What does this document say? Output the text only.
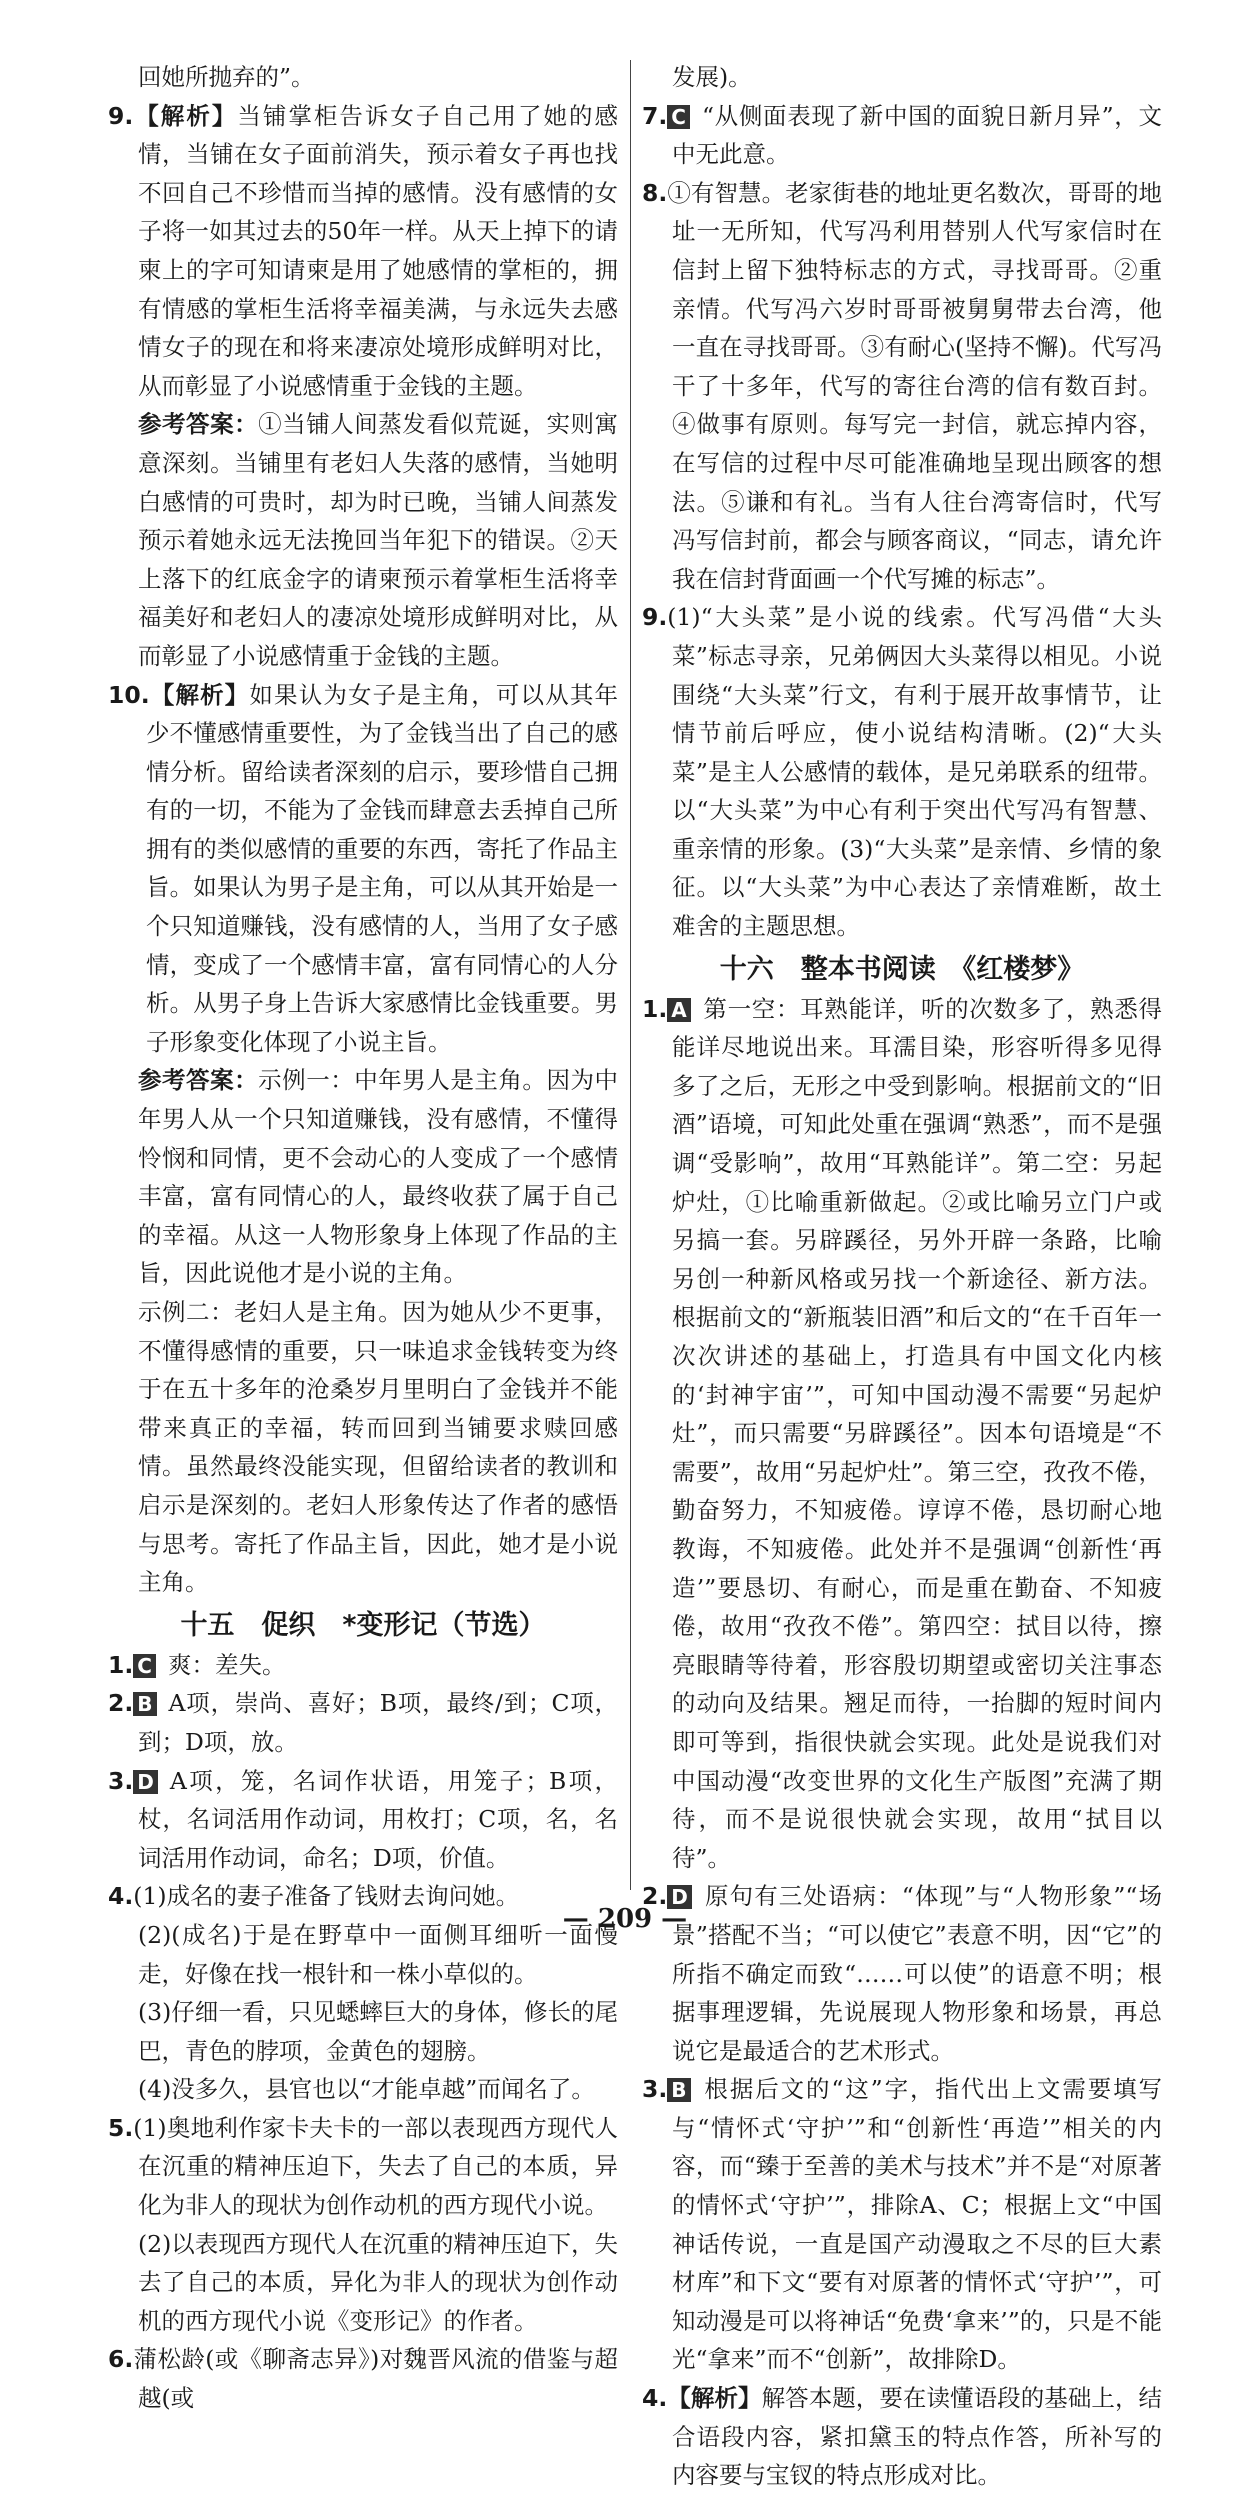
回她所抛弃的”。

9.【解析】当铺掌柜告诉女子自己用了她的感情，当铺在女子面前消失，预示着女子再也找不回自己不珍惜而当掉的感情。没有感情的女子将一如其过去的50年一样。从天上掉下的请柬上的字可知请柬是用了她感情的掌柜的，拥有情感的掌柜生活将幸福美满，与永远失去感情女子的现在和将来凄凉处境形成鲜明对比，从而彰显了小说感情重于金钱的主题。

参考答案：①当铺人间蒸发看似荒诞，实则寓意深刻。当铺里有老妇人失落的感情，当她明白感情的可贵时，却为时已晚，当铺人间蒸发预示着她永远无法挽回当年犯下的错误。②天上落下的红底金字的请柬预示着掌柜生活将幸福美好和老妇人的凄凉处境形成鲜明对比，从而彰显了小说感情重于金钱的主题。

10.【解析】如果认为女子是主角，可以从其年少不懂感情重要性，为了金钱当出了自己的感情分析。留给读者深刻的启示，要珍惜自己拥有的一切，不能为了金钱而肆意去丢掉自己所拥有的类似感情的重要的东西，寄托了作品主旨。如果认为男子是主角，可以从其开始是一个只知道赚钱，没有感情的人，当用了女子感情，变成了一个感情丰富，富有同情心的人分析。从男子身上告诉大家感情比金钱重要。男子形象变化体现了小说主旨。

参考答案：示例一：中年男人是主角。因为中年男人从一个只知道赚钱，没有感情，不懂得怜悯和同情，更不会动心的人变成了一个感情丰富，富有同情心的人，最终收获了属于自己的幸福。从这一人物形象身上体现了作品的主旨，因此说他才是小说的主角。

示例二：老妇人是主角。因为她从少不更事，不懂得感情的重要，只一味追求金钱转变为终于在五十多年的沧桑岁月里明白了金钱并不能带来真正的幸福，转而回到当铺要求赎回感情。虽然最终没能实现，但留给读者的教训和启示是深刻的。老妇人形象传达了作者的感悟与思考。寄托了作品主旨，因此，她才是小说主角。

十五　促织　*变形记（节选）

1. C 爽：差失。

2. B A项，崇尚、喜好；B项，最终/到；C项，到；D项，放。

3. D A项，笼，名词作状语，用笼子；B项，杖，名词活用作动词，用枚打；C项，名，名词活用作动词，命名；D项，价值。

4.(1)成名的妻子准备了钱财去询问她。

(2)(成名)于是在野草中一面侧耳细听一面慢走，好像在找一根针和一株小草似的。

(3)仔细一看，只见蟋蟀巨大的身体，修长的尾巴，青色的脖项，金黄色的翅膀。

(4)没多久，县官也以“才能卓越”而闻名了。

5.(1)奥地利作家卡夫卡的一部以表现西方现代人在沉重的精神压迫下，失去了自己的本质，异化为非人的现状为创作动机的西方现代小说。

(2)以表现西方现代人在沉重的精神压迫下，失去了自己的本质，异化为非人的现状为创作动机的西方现代小说《变形记》的作者。

6.蒲松龄(或《聊斋志异》)对魏晋风流的借鉴与超越(或

发展)。

7. C “从侧面表现了新中国的面貌日新月异”，文中无此意。

8.①有智慧。老家街巷的地址更名数次，哥哥的地址一无所知，代写冯利用替别人代写家信时在信封上留下独特标志的方式，寻找哥哥。②重亲情。代写冯六岁时哥哥被舅舅带去台湾，他一直在寻找哥哥。③有耐心(坚持不懈)。代写冯干了十多年，代写的寄往台湾的信有数百封。④做事有原则。每写完一封信，就忘掉内容，在写信的过程中尽可能准确地呈现出顾客的想法。⑤谦和有礼。当有人往台湾寄信时，代写冯写信封前，都会与顾客商议，“同志，请允许我在信封背面画一个代写摊的标志”。

9.(1)“大头菜”是小说的线索。代写冯借“大头菜”标志寻亲，兄弟俩因大头菜得以相见。小说围绕“大头菜”行文，有利于展开故事情节，让情节前后呼应，使小说结构清晰。(2)“大头菜”是主人公感情的载体，是兄弟联系的纽带。以“大头菜”为中心有利于突出代写冯有智慧、重亲情的形象。(3)“大头菜”是亲情、乡情的象征。以“大头菜”为中心表达了亲情难断，故土难舍的主题思想。

十六　整本书阅读　《红楼梦》

1. A 第一空：耳熟能详，听的次数多了，熟悉得能详尽地说出来。耳濡目染，形容听得多见得多了之后，无形之中受到影响。根据前文的“旧酒”语境，可知此处重在强调“熟悉”，而不是强调“受影响”，故用“耳熟能详”。第二空：另起炉灶，①比喻重新做起。②或比喻另立门户或另搞一套。另辟蹊径，另外开辟一条路，比喻另创一种新风格或另找一个新途径、新方法。根据前文的“新瓶装旧酒”和后文的“在千百年一次次讲述的基础上，打造具有中国文化内核的‘封神宇宙’”，可知中国动漫不需要“另起炉灶”，而只需要“另辟蹊径”。因本句语境是“不需要”，故用“另起炉灶”。第三空，孜孜不倦，勤奋努力，不知疲倦。谆谆不倦，恳切耐心地教诲，不知疲倦。此处并不是强调“创新性‘再造’”要恳切、有耐心，而是重在勤奋、不知疲倦，故用“孜孜不倦”。第四空：拭目以待，擦亮眼睛等待着，形容殷切期望或密切关注事态的动向及结果。翘足而待，一抬脚的短时间内即可等到，指很快就会实现。此处是说我们对中国动漫“改变世界的文化生产版图”充满了期待，而不是说很快就会实现，故用“拭目以待”。

2. D 原句有三处语病：“体现”与“人物形象”“场景”搭配不当；“可以使它”表意不明，因“它”的所指不确定而致“……可以使”的语意不明；根据事理逻辑，先说展现人物形象和场景，再总说它是最适合的艺术形式。

3. B 根据后文的“这”字，指代出上文需要填写与“情怀式‘守护’”和“创新性‘再造’”相关的内容，而“臻于至善的美术与技术”并不是“对原著的情怀式‘守护’”，排除A、C；根据上文“中国神话传说，一直是国产动漫取之不尽的巨大素材库”和下文“要有对原著的情怀式‘守护’”，可知动漫是可以将神话“免费‘拿来’”的，只是不能光“拿来”而不“创新”，故排除D。

4.【解析】解答本题，要在读懂语段的基础上，结合语段内容，紧扣黛玉的特点作答，所补写的内容要与宝钗的特点形成对比。

— 209 —
